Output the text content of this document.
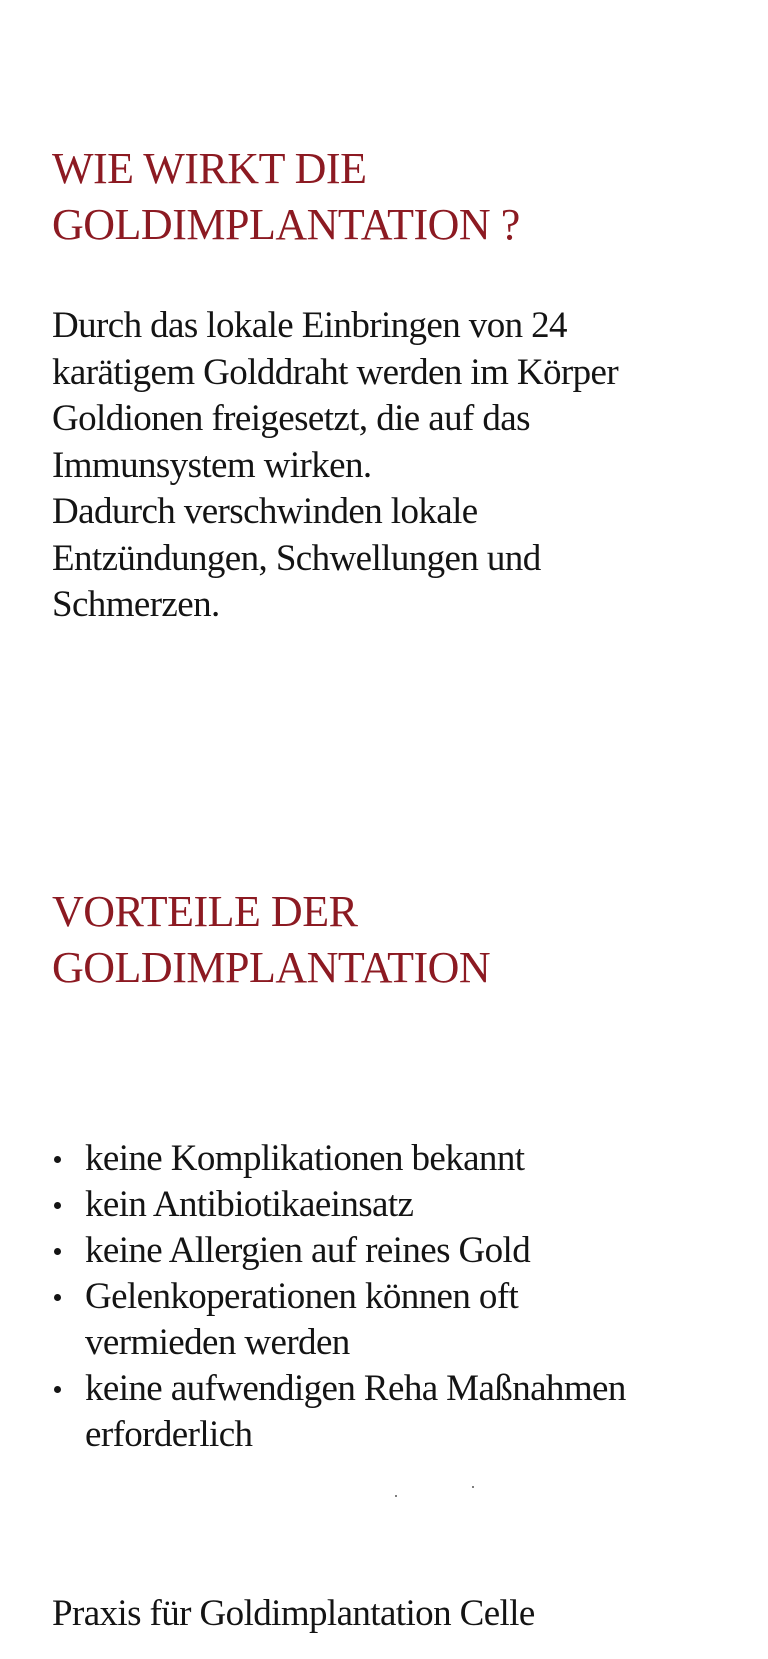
WIE WIRKT DIE
GOLDIMPLANTATION ?

Durch das lokale Einbringen von 24
karätigem Golddraht werden im Körper
Goldionen freigesetzt, die auf das
Immunsystem wirken.
Dadurch verschwinden lokale
Entzündungen, Schwellungen und
Schmerzen.

VORTEILE DER
GOLDIMPLANTATION
keine Komplikationen bekannt
kein Antibiotikaeinsatz
keine Allergien auf reines Gold
Gelenkoperationen können oft
vermieden werden
keine aufwendigen Reha Maßnahmen
erforderlich

Praxis für Goldimplantation Celle
